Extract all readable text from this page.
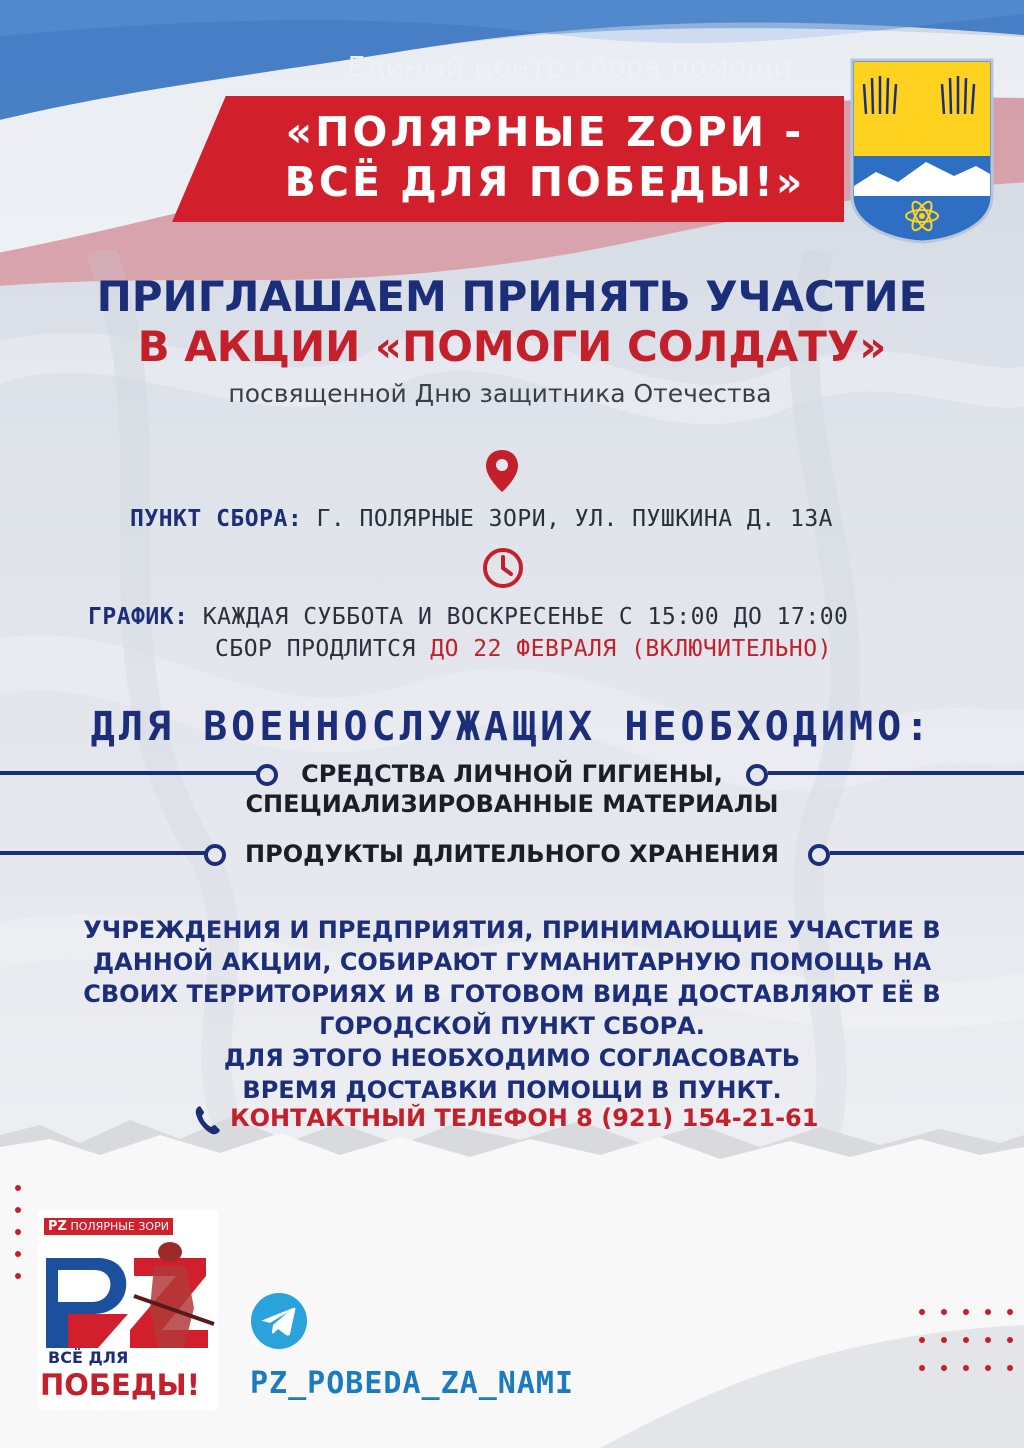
Единый центр сбора помощи
«ПОЛЯРНЫЕ ZОРИ -
ВСЁ ДЛЯ ПОБЕДЫ!»
ПРИГЛАШАЕМ ПРИНЯТЬ УЧАСТИЕ
В АКЦИИ «ПОМОГИ СОЛДАТУ»
посвященной Дню защитника Отечества
ПУНКТ СБОРА: Г. ПОЛЯРНЫЕ ЗОРИ, УЛ. ПУШКИНА Д. 13А
ГРАФИК: КАЖДАЯ СУББОТА И ВОСКРЕСЕНЬЕ С 15:00 ДО 17:00
СБОР ПРОДЛИТСЯ ДО 22 ФЕВРАЛЯ (ВКЛЮЧИТЕЛЬНО)
ДЛЯ ВОЕННОСЛУЖАЩИХ НЕОБХОДИМО:
СРЕДСТВА ЛИЧНОЙ ГИГИЕНЫ,
СПЕЦИАЛИЗИРОВАННЫЕ МАТЕРИАЛЫ
ПРОДУКТЫ ДЛИТЕЛЬНОГО ХРАНЕНИЯ
УЧРЕЖДЕНИЯ И ПРЕДПРИЯТИЯ, ПРИНИМАЮЩИЕ УЧАСТИЕ В
ДАННОЙ АКЦИИ, СОБИРАЮТ ГУМАНИТАРНУЮ ПОМОЩЬ НА
СВОИХ ТЕРРИТОРИЯХ И В ГОТОВОМ ВИДЕ ДОСТАВЛЯЮТ ЕЁ В
ГОРОДСКОЙ ПУНКТ СБОРА.
ДЛЯ ЭТОГО НЕОБХОДИМО СОГЛАСОВАТЬ
ВРЕМЯ ДОСТАВКИ ПОМОЩИ В ПУНКТ.
КОНТАКТНЫЙ ТЕЛЕФОН 8 (921) 154-21-61
PZ ПОЛЯРНЫЕ ЗОРИ
ВСЁ ДЛЯ
ПОБЕДЫ! PZ_POBEDA_ZA_NAMI
